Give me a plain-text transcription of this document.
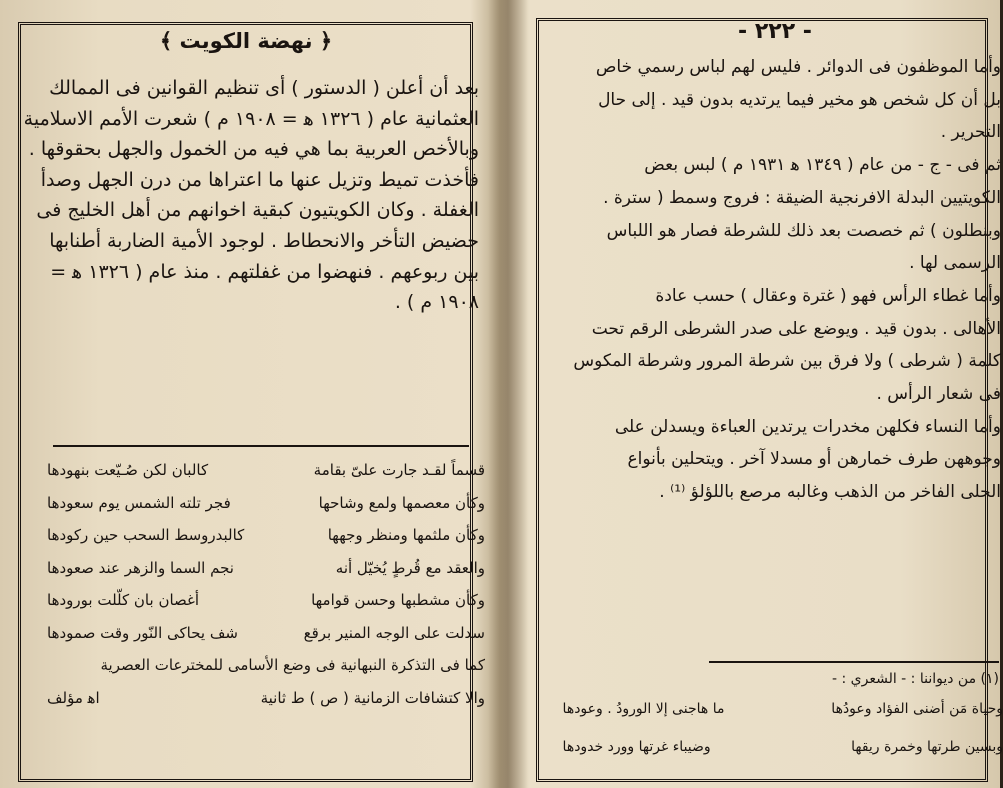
﴿ نهضة الكويت ﴾
بعد أن أعلن ( الدستور ) أى تنظيم القوانين فى الممالك
العثمانية عام ( ١٣٢٦ ﻫ = ١٩٠٨ م ) شعرت الأمم الاسلامية
وبالأخص العربية بما هي فيه من الخمول والجهل بحقوقها .
فأخذت تميط وتزيل عنها ما اعتراها من درن الجهل وصدأ
الغفلة . وكان الكويتيون كبقية اخوانهم من أهل الخليج فى
حضيض التأخر والانحطاط . لوجود الأمية الضاربة أطنابها
بين ربوعهم . فنهضوا من غفلتهم . منذ عام ( ١٣٢٦ ﻫ =
١٩٠٨ م ) .
قسماً لقـد جارت علىّ بقامة
كالبان لكن صُـيّعت بنهودها
وكأن معصمها ولمع وشاحها
فجر تلته الشمس يوم سعودها
وكأن ملثمها ومنظر وجهها
كالبدروسط السحب حين ركودها
والعقد مع قُرطٍ يُخيّل أنه
نجم السما والزهر عند صعودها
وكأن مشطبها وحسن قوامها
أغصان بان كلّلت بورودها
سدلت على الوجه المنير برقع
شف يحاكى النّور وقت صمودها
كما فى التذكرة النبهانية فى وضع الأسامى للمخترعات العصرية
والا كتشافات الزمانية ( ص ) ط ثانية
اﻫ مؤلف
- ٢٢٢ -
وأما الموظفون فى الدوائر . فليس لهم لباس رسمي خاص
بل أن كل شخص هو مخير فيما يرتديه بدون قيد . إلى حال
التحرير .
ثم فى - ج - من عام ( ١٣٤٩ ﻫ ١٩٣١ م ) لبس بعض
الكويتيين البدلة الافرنجية الضيقة : فروج وسمط ( سترة .
وبنطلون ) ثم خصصت بعد ذلك للشرطة فصار هو اللباس
الرسمى لها .
وأما غطاء الرأس فهو ( غترة وعقال ) حسب عادة
الأهالى . بدون قيد . ويوضع على صدر الشرطى الرقم تحت
كلمة ( شرطى ) ولا فرق بين شرطة المرور وشرطة المكوس
فى شعار الرأس .
وأما النساء فكلهن مخدرات يرتدين العباءة ويسدلن على
وجوههن طرف خمارهن أو مسدلا آخر . ويتحلين بأنواع
الحلى الفاخر من الذهب وغالبه مرصع باللؤلؤ ⁽¹⁾ .
(١) من ديواننا : - الشعري : -
وحياة مَن أضنى الفؤاد وعودُها ما هاجنى إلا الورودُ . وعودها
وبسين طرتها وخمرة ريقها وضيباء غرتها وورد خدودها
